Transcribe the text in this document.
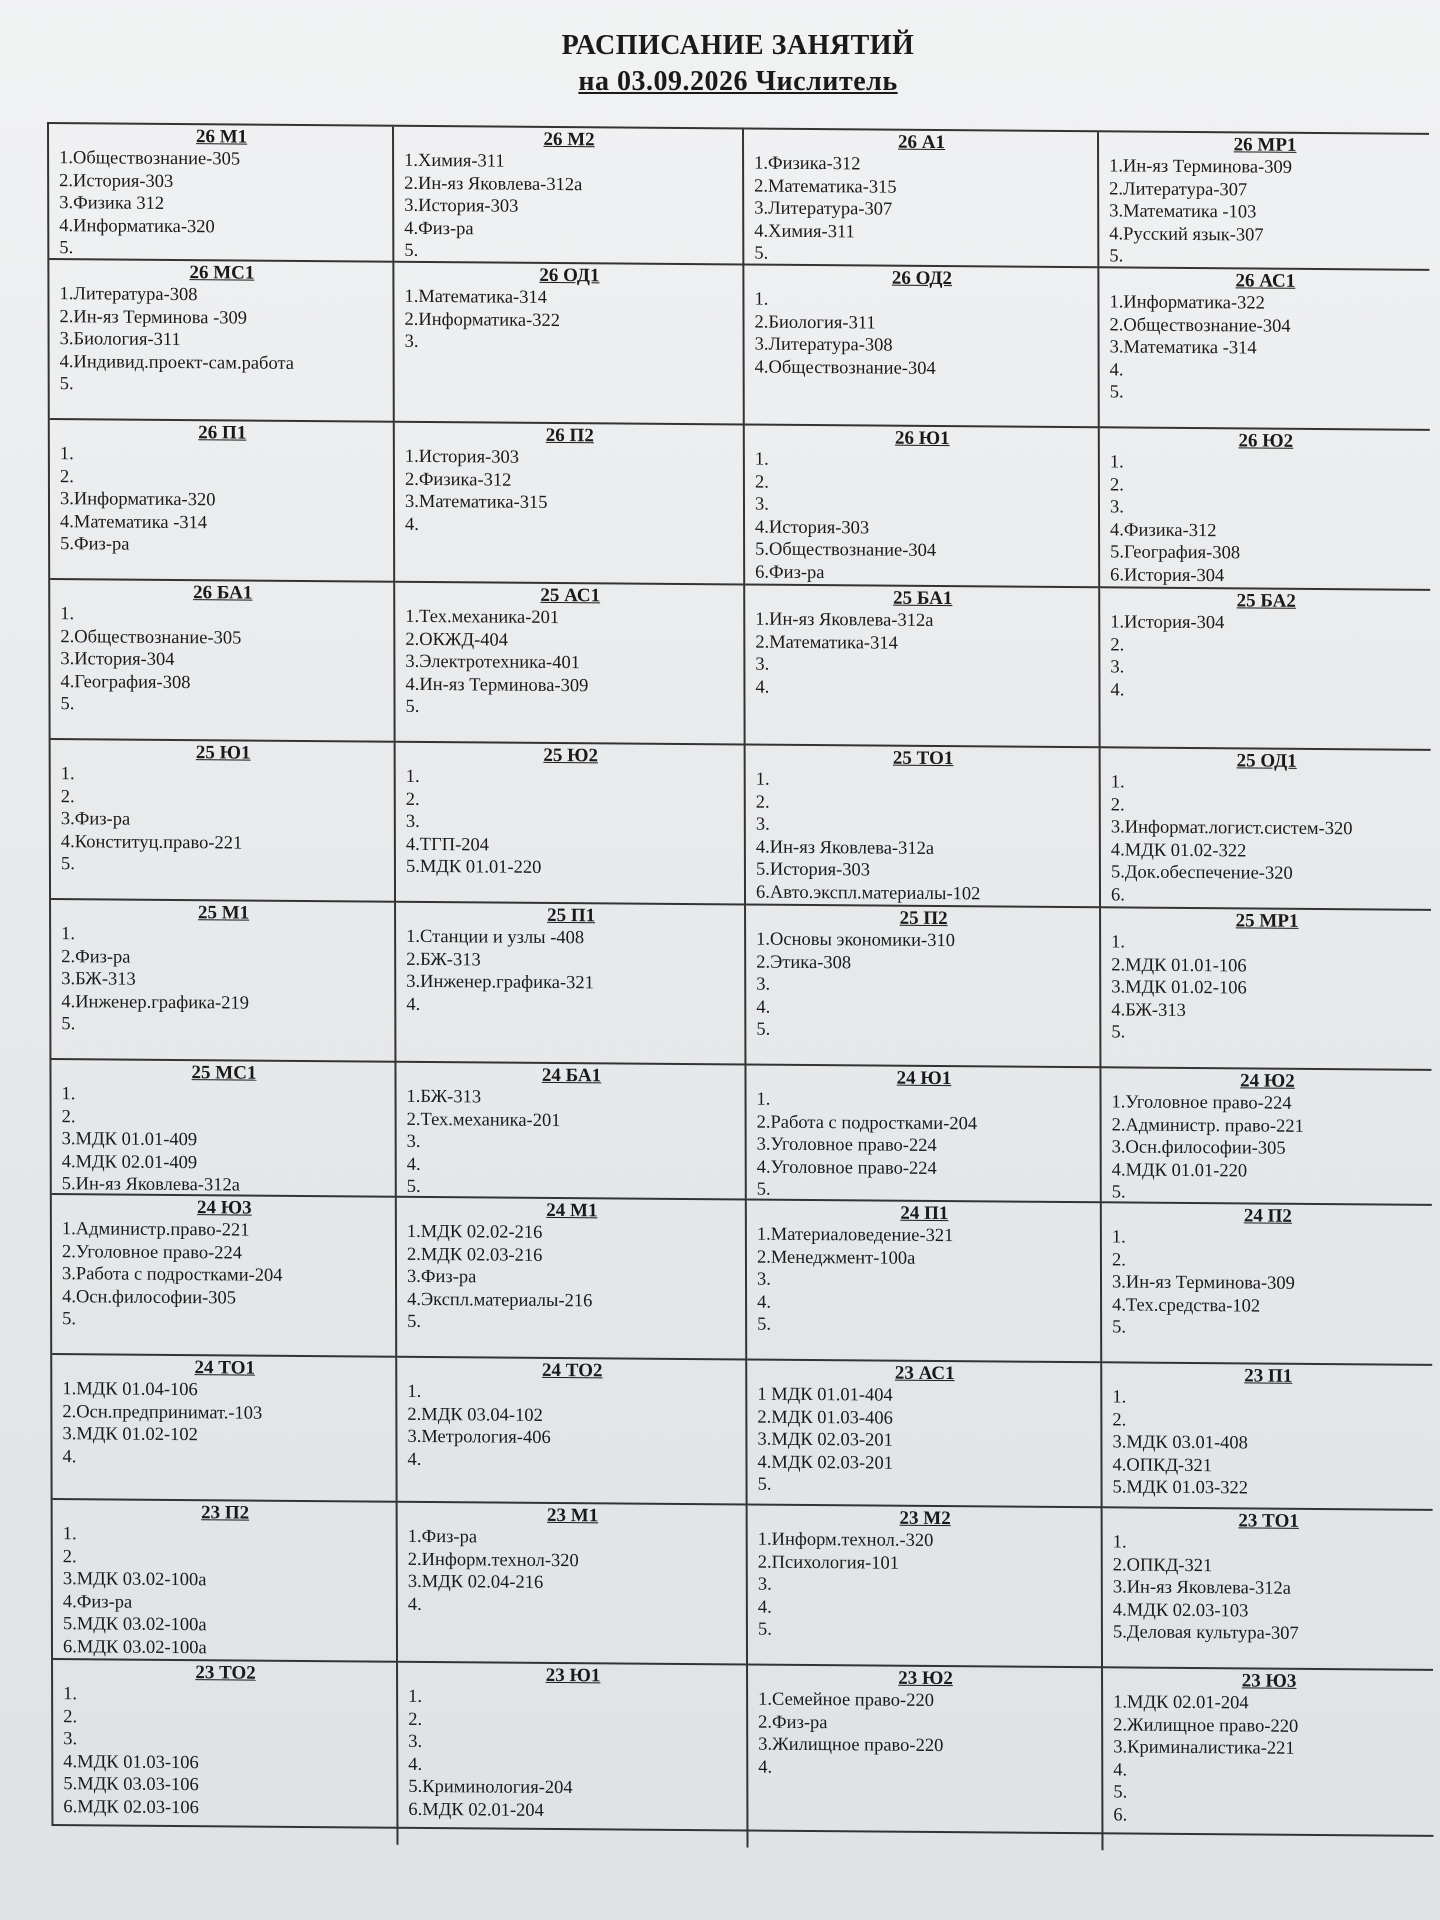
РАСПИСАНИЕ ЗАНЯТИЙ
на 03.09.2026 Числитель
26 М1
1.Обществознание-305
2.История-303
3.Физика 312
4.Информатика-320
5.
26 М2
1.Химия-311
2.Ин-яз Яковлева-312а
3.История-303
4.Физ-ра
5.
26 А1
1.Физика-312
2.Математика-315
3.Литература-307
4.Химия-311
5.
26 МР1
1.Ин-яз Терминова-309
2.Литература-307
3.Математика -103
4.Русский язык-307
5.
26 МС1
1.Литература-308
2.Ин-яз Терминова -309
3.Биология-311
4.Индивид.проект-сам.работа
5.
26 ОД1
1.Математика-314
2.Информатика-322
3.
26 ОД2
1.
2.Биология-311
3.Литература-308
4.Обществознание-304
26 АС1
1.Информатика-322
2.Обществознание-304
3.Математика -314
4.
5.
26 П1
1.
2.
3.Информатика-320
4.Математика -314
5.Физ-ра
26 П2
1.История-303
2.Физика-312
3.Математика-315
4.
26 Ю1
1.
2.
3.
4.История-303
5.Обществознание-304
6.Физ-ра
26 Ю2
1.
2.
3.
4.Физика-312
5.География-308
6.История-304
26 БА1
1.
2.Обществознание-305
3.История-304
4.География-308
5.
25 АС1
1.Тех.механика-201
2.ОКЖД-404
3.Электротехника-401
4.Ин-яз Терминова-309
5.
25 БА1
1.Ин-яз Яковлева-312а
2.Математика-314
3.
4.
25 БА2
1.История-304
2.
3.
4.
25 Ю1
1.
2.
3.Физ-ра
4.Конституц.право-221
5.
25 Ю2
1.
2.
3.
4.ТГП-204
5.МДК 01.01-220
25 ТО1
1.
2.
3.
4.Ин-яз Яковлева-312а
5.История-303
6.Авто.экспл.материалы-102
25 ОД1
1.
2.
3.Информат.логист.систем-320
4.МДК 01.02-322
5.Док.обеспечение-320
6.
25 М1
1.
2.Физ-ра
3.БЖ-313
4.Инженер.графика-219
5.
25 П1
1.Станции и узлы -408
2.БЖ-313
3.Инженер.графика-321
4.
25 П2
1.Основы экономики-310
2.Этика-308
3.
4.
5.
25 МР1
1.
2.МДК 01.01-106
3.МДК 01.02-106
4.БЖ-313
5.
25 МС1
1.
2.
3.МДК 01.01-409
4.МДК 02.01-409
5.Ин-яз Яковлева-312а
24 БА1
1.БЖ-313
2.Тех.механика-201
3.
4.
5.
24 Ю1
1.
2.Работа с подростками-204
3.Уголовное право-224
4.Уголовное право-224
5.
24 Ю2
1.Уголовное право-224
2.Администр. право-221
3.Осн.философии-305
4.МДК 01.01-220
5.
24 Ю3
1.Администр.право-221
2.Уголовное право-224
3.Работа с подростками-204
4.Осн.философии-305
5.
24 М1
1.МДК 02.02-216
2.МДК 02.03-216
3.Физ-ра
4.Экспл.материалы-216
5.
24 П1
1.Материаловедение-321
2.Менеджмент-100а
3.
4.
5.
24 П2
1.
2.
3.Ин-яз Терминова-309
4.Тех.средства-102
5.
24 ТО1
1.МДК 01.04-106
2.Осн.предпринимат.-103
3.МДК 01.02-102
4.
24 ТО2
1.
2.МДК 03.04-102
3.Метрология-406
4.
23 АС1
1 МДК 01.01-404
2.МДК 01.03-406
3.МДК 02.03-201
4.МДК 02.03-201
5.
23 П1
1.
2.
3.МДК 03.01-408
4.ОПКД-321
5.МДК 01.03-322
23 П2
1.
2.
3.МДК 03.02-100а
4.Физ-ра
5.МДК 03.02-100а
6.МДК 03.02-100а
23 М1
1.Физ-ра
2.Информ.технол-320
3.МДК 02.04-216
4.
23 М2
1.Информ.технол.-320
2.Психология-101
3.
4.
5.
23 ТО1
1.
2.ОПКД-321
3.Ин-яз Яковлева-312а
4.МДК 02.03-103
5.Деловая культура-307
23 ТО2
1.
2.
3.
4.МДК 01.03-106
5.МДК 03.03-106
6.МДК 02.03-106
23 Ю1
1.
2.
3.
4.
5.Криминология-204
6.МДК 02.01-204
23 Ю2
1.Семейное право-220
2.Физ-ра
3.Жилищное право-220
4.
23 Ю3
1.МДК 02.01-204
2.Жилищное право-220
3.Криминалистика-221
4.
5.
6.
